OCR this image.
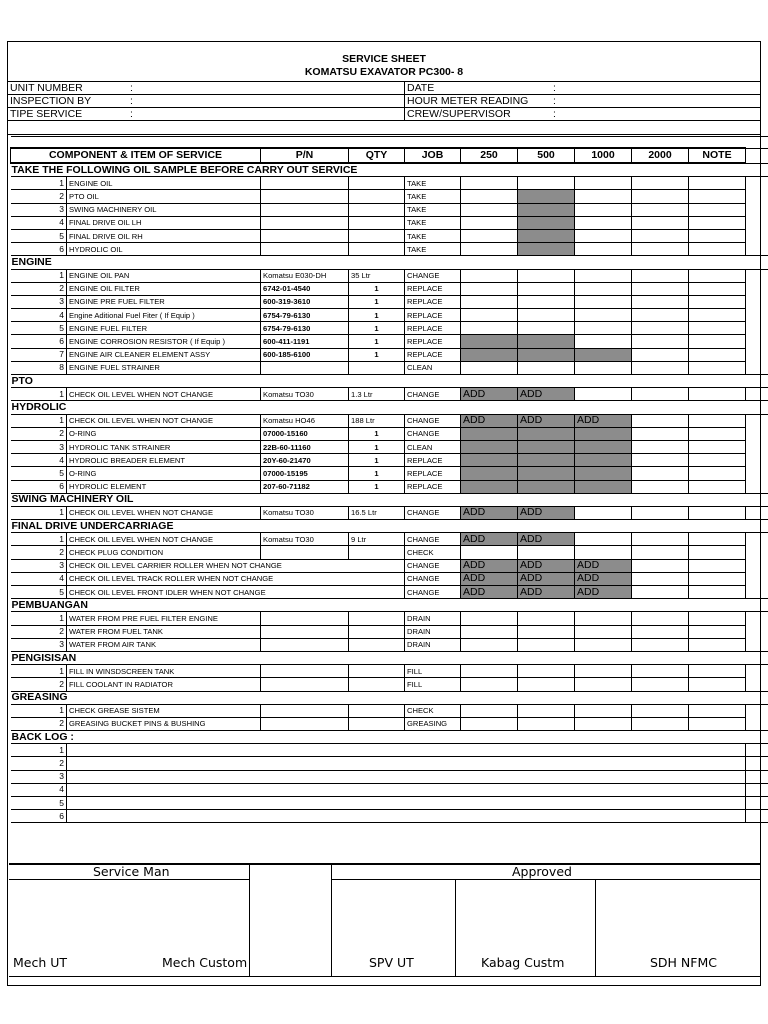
SERVICE SHEET
KOMATSU EXAVATOR PC300- 8
UNIT NUMBER	:
INSPECTION BY	:
TIPE SERVICE	:
DATE	:
HOUR METER READING :
CREW/SUPERVISOR	:

COMPONENT & ITEM OF SERVICE		P/N	QTY	JOB	250	500	1000	2000	NOTE	
TAKE THE FOLLOWING OIL SAMPLE BEFORE CARRY OUT SERVICE										
1	ENGINE OIL			TAKE						
2	PTO OIL			TAKE						
3	SWING MACHINERY OIL			TAKE						
4	FINAL DRIVE OIL LH			TAKE						
5	FINAL DRIVE OIL RH			TAKE						
6	HYDROLIC OIL			TAKE						
ENGINE										
1	ENGINE OIL PAN	Komatsu E030-DH	35 Ltr	CHANGE						
2	ENGINE OIL FILTER	6742-01-4540	1	REPLACE						
3	ENGINE PRE FUEL FILTER	600-319-3610	1	REPLACE						
4	Engine Aditional Fuel Fiter ( If Equip )	6754-79-6130	1	REPLACE						
5	ENGINE FUEL FILTER	6754-79-6130	1	REPLACE						
6	ENGINE CORROSION RESISTOR ( If Equip )	600-411-1191	1	REPLACE						
7	ENGINE AIR CLEANER ELEMENT ASSY	600-185-6100	1	REPLACE						
8	ENGINE FUEL STRAINER			CLEAN						
PTO										
1	CHECK OIL LEVEL WHEN NOT CHANGE	Komatsu TO30	1.3 Ltr	CHANGE	ADD	ADD				
HYDROLIC										
1	CHECK OIL LEVEL WHEN NOT CHANGE	Komatsu HO46	188 Ltr	CHANGE	ADD	ADD	ADD			
2	O-RING	07000-15160	1	CHANGE						
3	HYDROLIC TANK STRAINER	22B-60-11160	1	CLEAN						
4	HYDROLIC BREADER ELEMENT	20Y-60-21470	1	REPLACE						
5	O-RING	07000-15195	1	REPLACE						
6	HYDROLIC ELEMENT	207-60-71182	1	REPLACE						
SWING MACHINERY OIL										
1	CHECK OIL LEVEL WHEN NOT CHANGE	Komatsu TO30	16.5 Ltr	CHANGE	ADD	ADD				
FINAL DRIVE UNDERCARRIAGE										
1	CHECK OIL LEVEL WHEN NOT CHANGE	Komatsu TO30	9 Ltr	CHANGE	ADD	ADD				
2	CHECK PLUG CONDITION			CHECK						
3	CHECK OIL LEVEL CARRIER ROLLER WHEN NOT CHANGE			CHANGE	ADD	ADD	ADD			
4	CHECK OIL LEVEL TRACK ROLLER WHEN NOT CHANGE			CHANGE	ADD	ADD	ADD			
5	CHECK OIL LEVEL FRONT IDLER WHEN NOT CHANGE			CHANGE	ADD	ADD	ADD			
PEMBUANGAN										
1	WATER FROM PRE FUEL FILTER ENGINE			DRAIN						
2	WATER FROM FUEL TANK			DRAIN						
3	WATER FROM AIR TANK			DRAIN						
PENGISISAN										
1	FILL IN WINSDSCREEN TANK			FILL						
2	FILL COOLANT IN RADIATOR			FILL						
GREASING										
1	CHECK GREASE SISTEM			CHECK						
2	GREASING BUCKET PINS & BUSHING			GREASING						
BACK LOG :										
1										
2										
3										
4										
5										
6										
Service Man	Approved
Mech UT	Mech Custom	SPV UT	Kabag Custm	SDH NFMC
